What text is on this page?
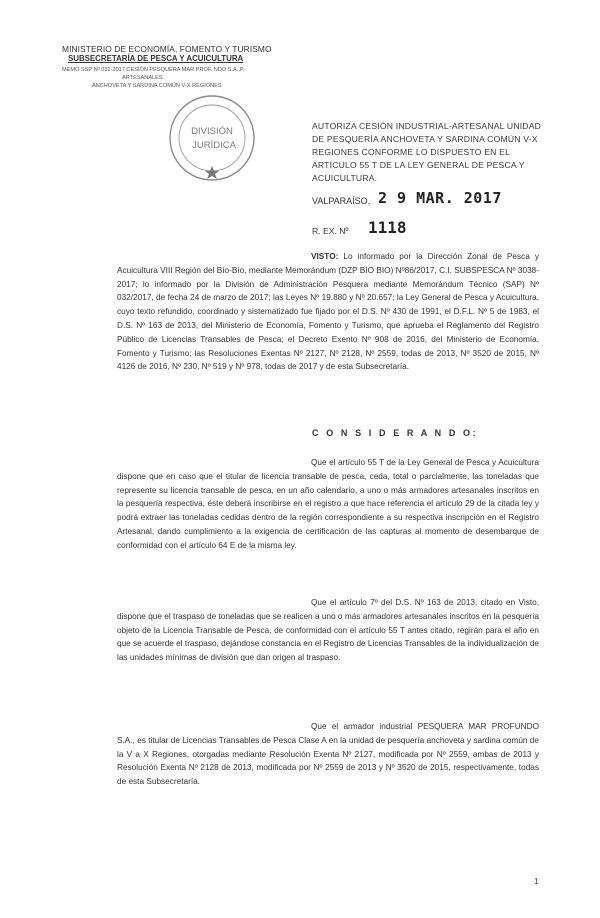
MINISTERIO DE ECONOMÍA, FOMENTO Y TURISMO
SUBSECRETARÍA DE PESCA Y ACUICULTURA
MEMO SSP Nº 032-2017 CESIÓN PESQUERA MAR PROF. NDO S.A.,P.
ARTESANALES
ANCHOVETA Y SARDINA COMÚN V-X REGIONES
DIVISIÓN
JURÍDICA
AUTORIZA CESIÓN INDUSTRIAL-ARTESANAL UNIDAD DE PESQUERÍA ANCHOVETA Y SARDINA COMÚN V-X REGIONES CONFORME LO DISPUESTO EN EL ARTÍCULO 55 T DE LA LEY GENERAL DE PESCA Y ACUICULTURA.
VALPARAÍSO, 2 9 MAR. 2017
R. EX. Nº 1118
VISTO: Lo informado por la Dirección Zonal de Pesca y Acuicultura VIII Región del Bío-Bío, mediante Memorándum (DZP BIO BIO) Nº86/2017, C.I. SUBSPESCA Nº 3038-2017; lo informado por la División de Administración Pesquera mediante Memorándum Técnico (SAP) Nº 032/2017, de fecha 24 de marzo de 2017; las Leyes Nº 19.880 y Nº 20.657; la Ley General de Pesca y Acuicultura, cuyo texto refundido, coordinado y sistematizado fue fijado por el D.S. Nº 430 de 1991, el D.F.L. Nº 5 de 1983, el D.S. Nº 163 de 2013, del Ministerio de Economía, Fomento y Turismo, que aprueba el Reglamento del Registro Público de Licencias Transables de Pesca; el Decreto Exento Nº 908 de 2016, del Ministerio de Economía, Fomento y Turismo; las Resoluciones Exentas Nº 2127, Nº 2128, Nº 2559, todas de 2013, Nº 3520 de 2015, Nº 4126 de 2016, Nº 230, Nº 519 y Nº 978, todas de 2017 y de esta Subsecretaría.
C O N S I D E R A N D O:
Que el artículo 55 T de la Ley General de Pesca y Acuicultura dispone que en caso que el titular de licencia transable de pesca, ceda, total o parcialmente, las toneladas que represente su licencia transable de pesca, en un año calendario, a uno o más armadores artesanales inscritos en la pesquería respectiva, éste deberá inscribirse en el registro a que hace referencia el artículo 29 de la citada ley y podrá extraer las toneladas cedidas dentro de la región correspondiente a su respectiva inscripción en el Registro Artesanal, dando cumplimiento a la exigencia de certificación de las capturas al momento de desembarque de conformidad con el artículo 64 E de la misma ley.
Que el artículo 7º del D.S. Nº 163 de 2013, citado en Visto, dispone que el traspaso de toneladas que se realicen a uno o más armadores artesanales inscritos en la pesquería objeto de la Licencia Transable de Pesca, de conformidad con el artículo 55 T antes citado, regirán para el año en que se acuerde el traspaso, dejándose constancia en el Registro de Licencias Transables de la individualización de las unidades mínimas de división que dan origen al traspaso.
Que el armador industrial PESQUERA MAR PROFUNDO S.A., es titular de Licencias Transables de Pesca Clase A en la unidad de pesquería anchoveta y sardina común de la V a X Regiones, otorgadas mediante Resolución Exenta Nº 2127, modificada por Nº 2559, ambas de 2013 y Resolución Exenta Nº 2128 de 2013, modificada por Nº 2559 de 2013 y Nº 3520 de 2015, respectivamente, todas de esta Subsecretaría.
1
